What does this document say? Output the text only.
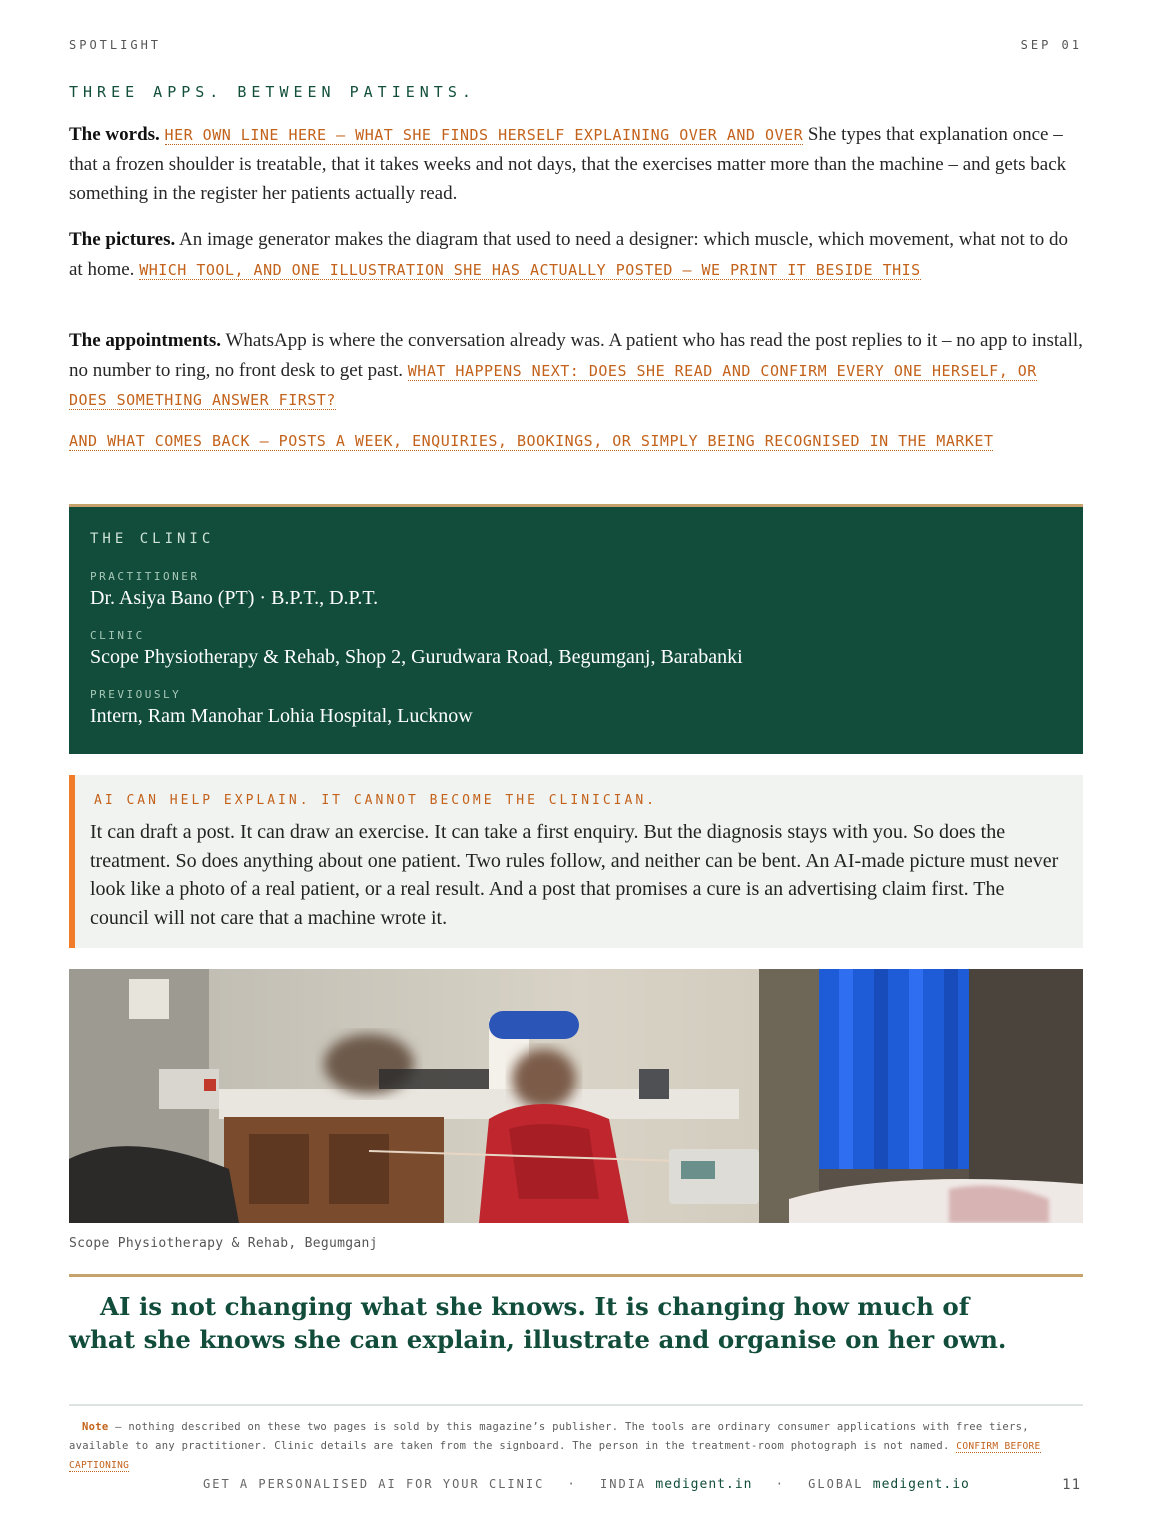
SPOTLIGHT	SEP 01
THREE APPS. BETWEEN PATIENTS.

The words. HER OWN LINE HERE — WHAT SHE FINDS HERSELF EXPLAINING OVER AND OVER She types that explanation once – that a frozen shoulder is treatable, that it takes weeks and not days, that the exercises matter more than the machine – and gets back something in the register her patients actually read.

The pictures. An image generator makes the diagram that used to need a designer: which muscle, which movement, what not to do at home. WHICH TOOL, AND ONE ILLUSTRATION SHE HAS ACTUALLY POSTED — WE PRINT IT BESIDE THIS

The appointments. WhatsApp is where the conversation already was. A patient who has read the post replies to it – no app to install, no number to ring, no front desk to get past. WHAT HAPPENS NEXT: DOES SHE READ AND CONFIRM EVERY ONE HERSELF, OR DOES SOMETHING ANSWER FIRST?

AND WHAT COMES BACK — POSTS A WEEK, ENQUIRIES, BOOKINGS, OR SIMPLY BEING RECOGNISED IN THE MARKET

THE CLINIC
PRACTITIONER
Dr. Asiya Bano (PT) · B.P.T., D.P.T.
CLINIC
Scope Physiotherapy & Rehab, Shop 2, Gurudwara Road, Begumganj, Barabanki
PREVIOUSLY
Intern, Ram Manohar Lohia Hospital, Lucknow
AI CAN HELP EXPLAIN. IT CANNOT BECOME THE CLINICIAN.
It can draft a post. It can draw an exercise. It can take a first enquiry. But the diagnosis stays with you. So does the treatment. So does anything about one patient. Two rules follow, and neither can be bent. An AI-made picture must never look like a photo of a real patient, or a real result. And a post that promises a cure is an advertising claim first. The council will not care that a machine wrote it.
Scope Physiotherapy & Rehab, Begumganj
AI is not changing what she knows. It is changing how much of
what she knows she can explain, illustrate and organise on her own.

Note – nothing described on these two pages is sold by this magazine’s publisher. The tools are ordinary consumer applications with free tiers, available to any practitioner. Clinic details are taken from the signboard. The person in the treatment-room photograph is not named. CONFIRM BEFORE CAPTIONING

GET A PERSONALISED AI FOR YOUR CLINIC · INDIA medigent.in · GLOBAL medigent.io	11
